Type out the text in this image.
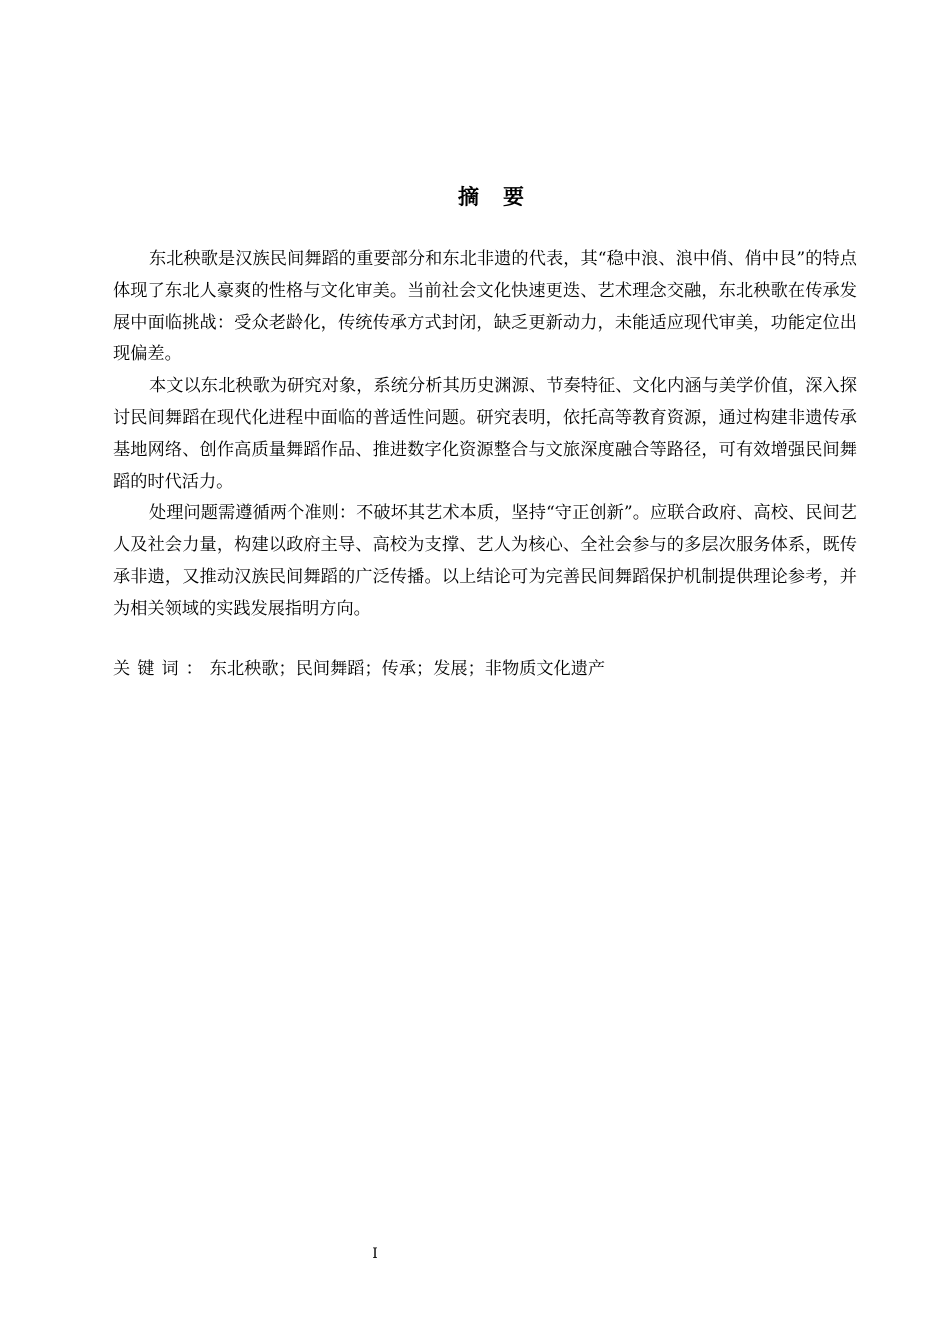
摘要

东北秧歌是汉族民间舞蹈的重要部分和东北非遗的代表，其“稳中浪、浪中俏、俏中艮”的特点体现了东北人豪爽的性格与文化审美。当前社会文化快速更迭、艺术理念交融，东北秧歌在传承发展中面临挑战：受众老龄化，传统传承方式封闭，缺乏更新动力，未能适应现代审美，功能定位出现偏差。

本文以东北秧歌为研究对象，系统分析其历史渊源、节奏特征、文化内涵与美学价值，深入探讨民间舞蹈在现代化进程中面临的普适性问题。研究表明，依托高等教育资源，通过构建非遗传承基地网络、创作高质量舞蹈作品、推进数字化资源整合与文旅深度融合等路径，可有效增强民间舞蹈的时代活力。

处理问题需遵循两个准则：不破坏其艺术本质，坚持“守正创新”。应联合政府、高校、民间艺人及社会力量，构建以政府主导、高校为支撑、艺人为核心、全社会参与的多层次服务体系，既传承非遗，又推动汉族民间舞蹈的广泛传播。以上结论可为完善民间舞蹈保护机制提供理论参考，并为相关领域的实践发展指明方向。

关键词：东北秧歌；民间舞蹈；传承；发展；非物质文化遗产

I
